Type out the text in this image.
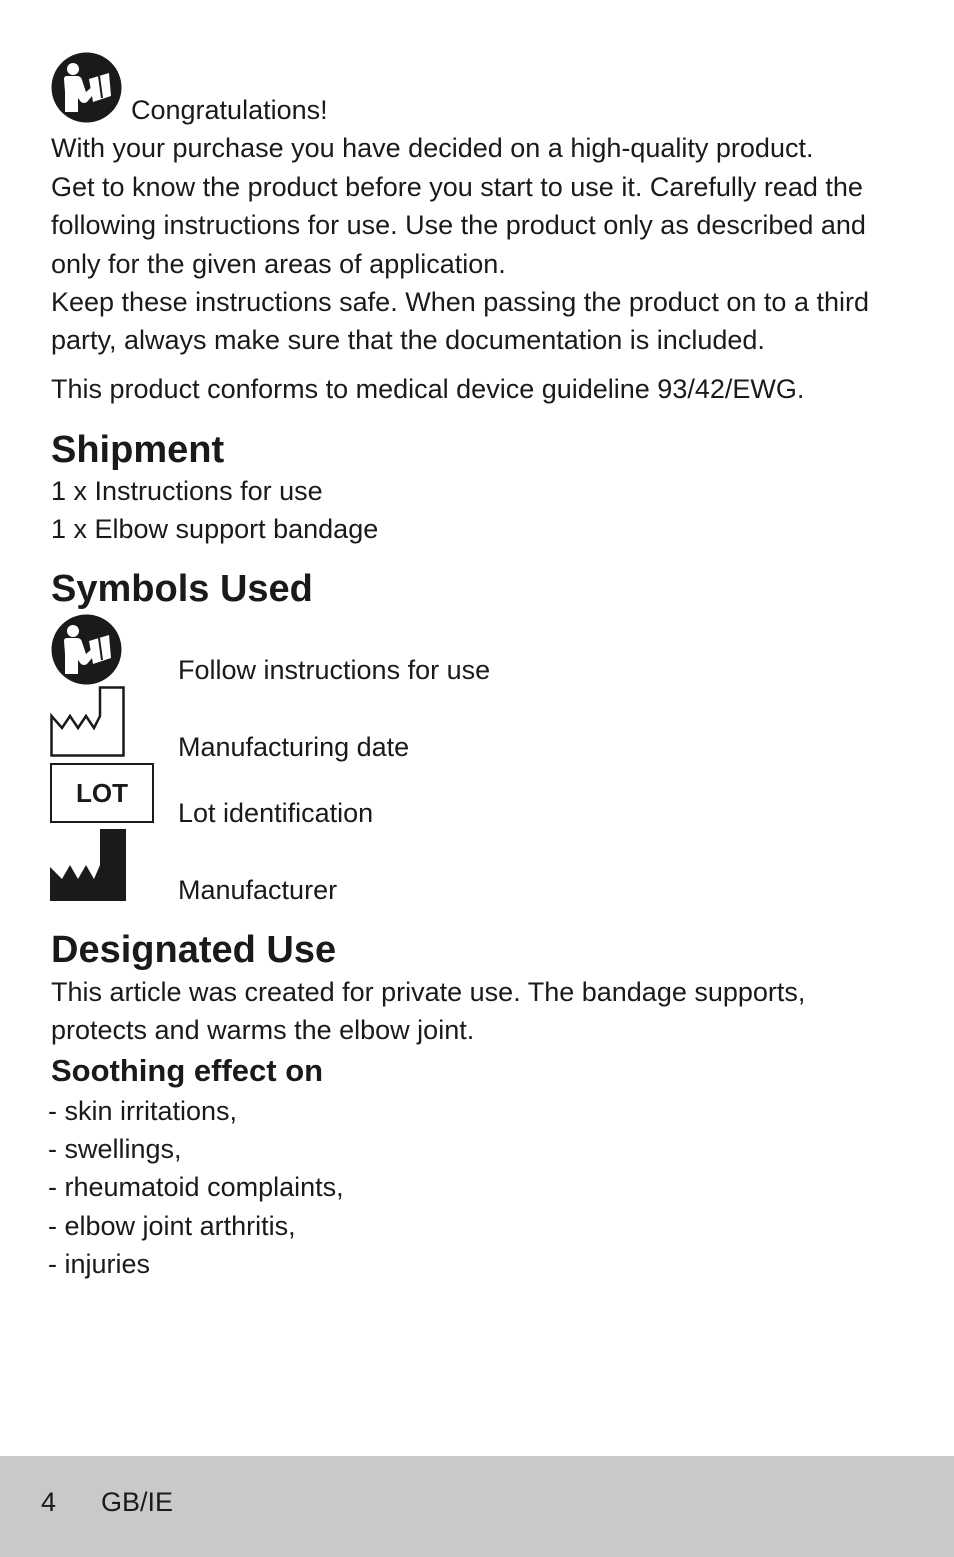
Congratulations!
With your purchase you have decided on a high-quality product.
Get to know the product before you start to use it. Carefully read the
following instructions for use. Use the product only as described and
only for the given areas of application.
Keep these instructions safe. When passing the product on to a third
party, always make sure that the documentation is included.
This product conforms to medical device guideline 93/42/EWG.
Shipment
1 x Instructions for use
1 x Elbow support bandage
Symbols Used
Follow instructions for use
Manufacturing date
LOT
Lot identification
Manufacturer
Designated Use
This article was created for private use. The bandage supports,
protects and warms the elbow joint.
Soothing effect on
- skin irritations,
- swellings,
- rheumatoid complaints,
- elbow joint arthritis,
- injuries
4 GB/IE
